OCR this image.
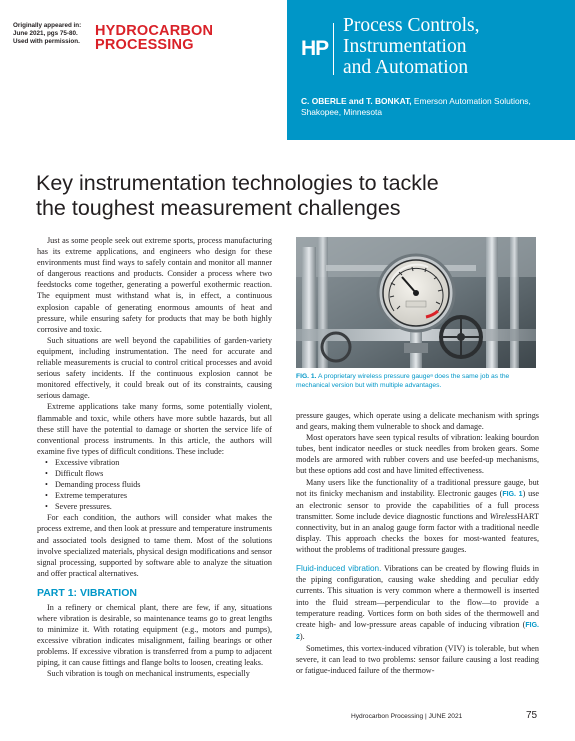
Originally appeared in:
June 2021, pgs 75-80.
Used with permission.
HYDROCARBON
PROCESSING	HP
Process Controls,
Instrumentation
and Automation
C. OBERLE and T. BONKAT, Emerson Automation Solutions, Shakopee, Minnesota
Key instrumentation technologies to tackle
the toughest measurement challenges

Just as some people seek out extreme sports, process manufacturing has its extreme applications, and engineers who design for these environments must find ways to safely contain and monitor all manner of dangerous reactions and products. Consider a process where two feedstocks come together, generating a powerful exothermic reaction. The equipment must withstand what is, in effect, a continuous explosion capable of generating enormous amounts of heat and pressure, while ensuring safety for products that may be both highly corrosive and toxic.

Such situations are well beyond the capabilities of garden-variety equipment, including instrumentation. The need for accurate and reliable measurements is crucial to control critical processes and avoid serious safety incidents. If the continuous explosion cannot be monitored effectively, it could break out of its constraints, causing serious damage.

Extreme applications take many forms, some potentially violent, flammable and toxic, while others have more subtle hazards, but all these still have the potential to damage or shorten the service life of conventional process instruments. In this article, the authors will examine five types of difficult conditions. These include:

• Excessive vibration
• Difficult flows
• Demanding process fluids
• Extreme temperatures
• Severe pressures.

For each condition, the authors will consider what makes the process extreme, and then look at pressure and temperature instruments and associated tools designed to tame them. Most of the solutions involve specialized materials, physical design modifications and sensor signal processing, supported by software able to analyze the situation and offer practical alternatives.

PART 1: VIBRATION

In a refinery or chemical plant, there are few, if any, situations where vibration is desirable, so maintenance teams go to great lengths to minimize it. With rotating equipment (e.g., motors and pumps), excessive vibration indicates misalignment, failing bearings or other problems. If excessive vibration is transferred from a pump to adjacent piping, it can cause fittings and flange bolts to loosen, creating leaks.

Such vibration is tough on mechanical instruments, especially

FIG. 1. A proprietary wireless pressure gaugeᵃ does the same job as the mechanical version but with multiple advantages.

pressure gauges, which operate using a delicate mechanism with springs and gears, making them vulnerable to shock and damage.

Most operators have seen typical results of vibration: leaking bourdon tubes, bent indicator needles or stuck needles from broken gears. Some models are armored with rubber covers and use beefed-up mechanisms, but these options add cost and have limited effectiveness.

Many users like the functionality of a traditional pressure gauge, but not its finicky mechanism and instability. Electronic gauges (FIG. 1) use an electronic sensor to provide the capabilities of a full process transmitter. Some include device diagnostic functions and WirelessHART connectivity, but in an analog gauge form factor with a traditional needle display. This approach checks the boxes for most-wanted features, without the problems of traditional pressure gauges.

Fluid-induced vibration. Vibrations can be created by flowing fluids in the piping configuration, causing wake shedding and peculiar eddy currents. This situation is very common where a thermowell is inserted into the fluid stream—perpendicular to the flow—to provide a temperature reading. Vortices form on both sides of the thermowell and create high- and low-pressure areas capable of inducing vibration (FIG. 2).

Sometimes, this vortex-induced vibration (VIV) is tolerable, but when severe, it can lead to two problems: sensor failure causing a lost reading or fatigue-induced failure of the thermow-

Hydrocarbon Processing | JUNE 2021	75
